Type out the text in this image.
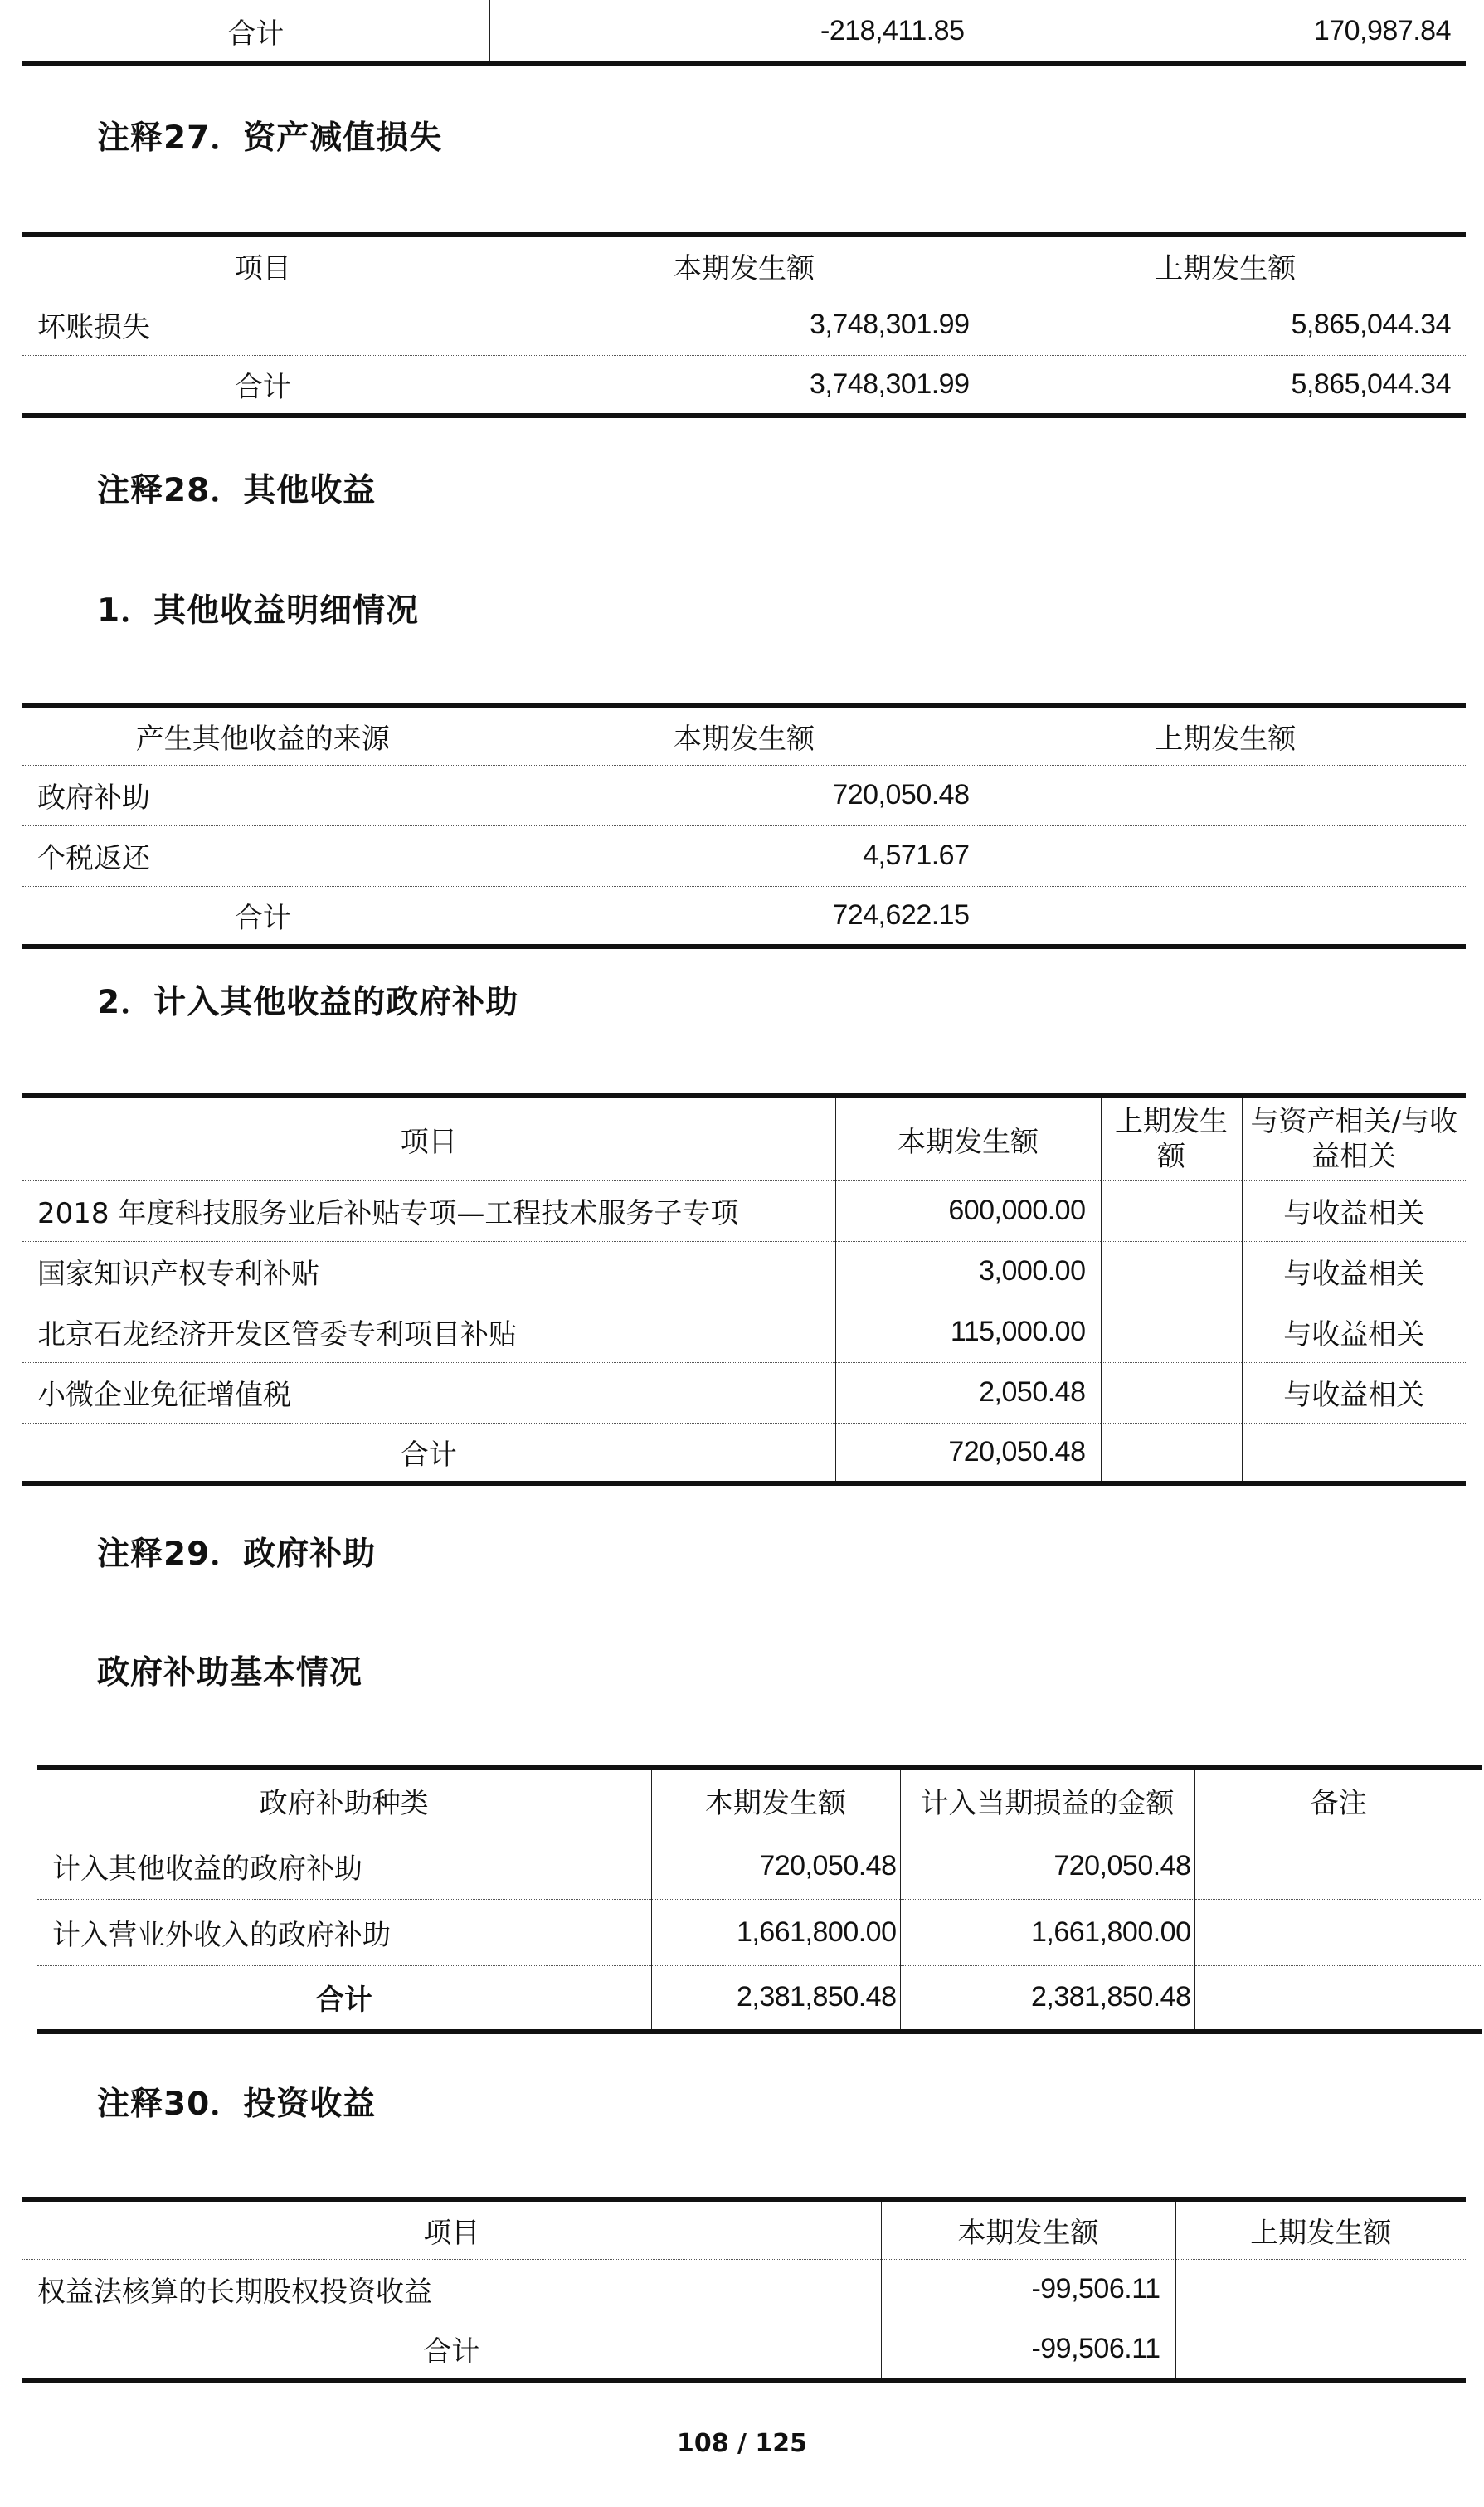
合计	-218,411.85	170,987.84
注释27．资产减值损失
项目	本期发生额	上期发生额
坏账损失	3,748,301.99	5,865,044.34
合计	3,748,301.99	5,865,044.34
注释28．其他收益
1．其他收益明细情况
产生其他收益的来源	本期发生额	上期发生额
政府补助	720,050.48	
个税返还	4,571.67	
合计	724,622.15	
2．计入其他收益的政府补助
项目	本期发生额	上期发生额	与资产相关/与收益相关
2018 年度科技服务业后补贴专项—工程技术服务子专项	600,000.00		与收益相关
国家知识产权专利补贴	3,000.00		与收益相关
北京石龙经济开发区管委专利项目补贴	115,000.00		与收益相关
小微企业免征增值税	2,050.48		与收益相关
合计	720,050.48		
注释29．政府补助
政府补助基本情况
政府补助种类	本期发生额	计入当期损益的金额	备注
计入其他收益的政府补助	720,050.48	720,050.48	
计入营业外收入的政府补助	1,661,800.00	1,661,800.00	
合计	2,381,850.48	2,381,850.48	
注释30．投资收益
项目	本期发生额	上期发生额
权益法核算的长期股权投资收益	-99,506.11	
合计	-99,506.11	
108 / 125
